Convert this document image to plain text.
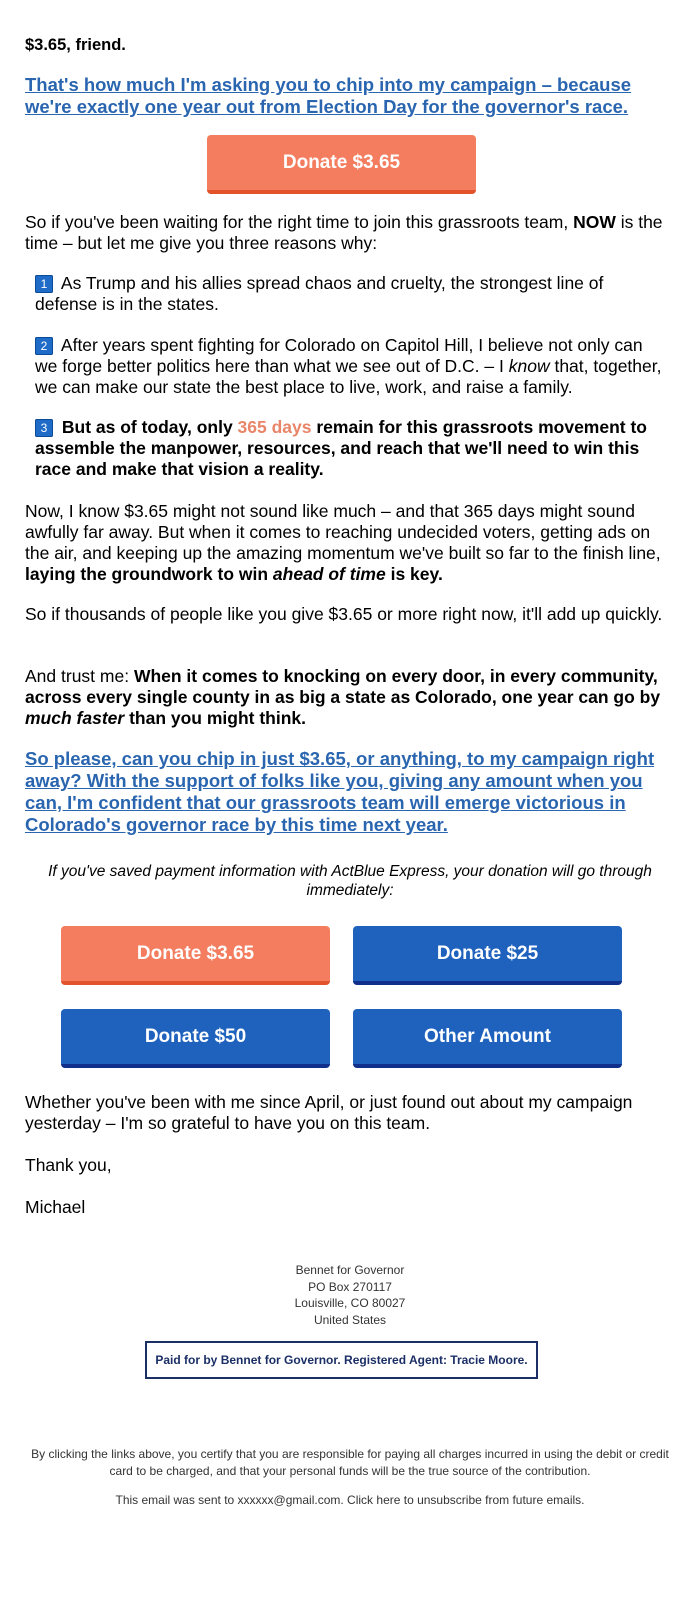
$3.65, friend.

That's how much I'm asking you to chip into my campaign – because we're exactly one year out from Election Day for the governor's race.

Donate $3.65

So if you've been waiting for the right time to join this grassroots team, NOW is the time – but let me give you three reasons why:

1 As Trump and his allies spread chaos and cruelty, the strongest line of defense is in the states.

2 After years spent fighting for Colorado on Capitol Hill, I believe not only can we forge better politics here than what we see out of D.C. – I know that, together, we can make our state the best place to live, work, and raise a family.

3 But as of today, only 365 days remain for this grassroots movement to assemble the manpower, resources, and reach that we'll need to win this race and make that vision a reality.

Now, I know $3.65 might not sound like much – and that 365 days might sound awfully far away. But when it comes to reaching undecided voters, getting ads on the air, and keeping up the amazing momentum we've built so far to the finish line, laying the groundwork to win ahead of time is key.

So if thousands of people like you give $3.65 or more right now, it'll add up quickly.

And trust me: When it comes to knocking on every door, in every community, across every single county in as big a state as Colorado, one year can go by much faster than you might think.

So please, can you chip in just $3.65, or anything, to my campaign right away? With the support of folks like you, giving any amount when you can, I'm confident that our grassroots team will emerge victorious in Colorado's governor race by this time next year.

If you've saved payment information with ActBlue Express, your donation will go through immediately:

Donate $3.65	Donate $25
Donate $50	Other Amount

Whether you've been with me since April, or just found out about my campaign yesterday – I'm so grateful to have you on this team.

Thank you,

Michael

Bennet for Governor
PO Box 270117
Louisville, CO 80027
United States
Paid for by Bennet for Governor. Registered Agent: Tracie Moore.

By clicking the links above, you certify that you are responsible for paying all charges incurred in using the debit or credit card to be charged, and that your personal funds will be the true source of the contribution.

This email was sent to xxxxxx@gmail.com. Click here to unsubscribe from future emails.
